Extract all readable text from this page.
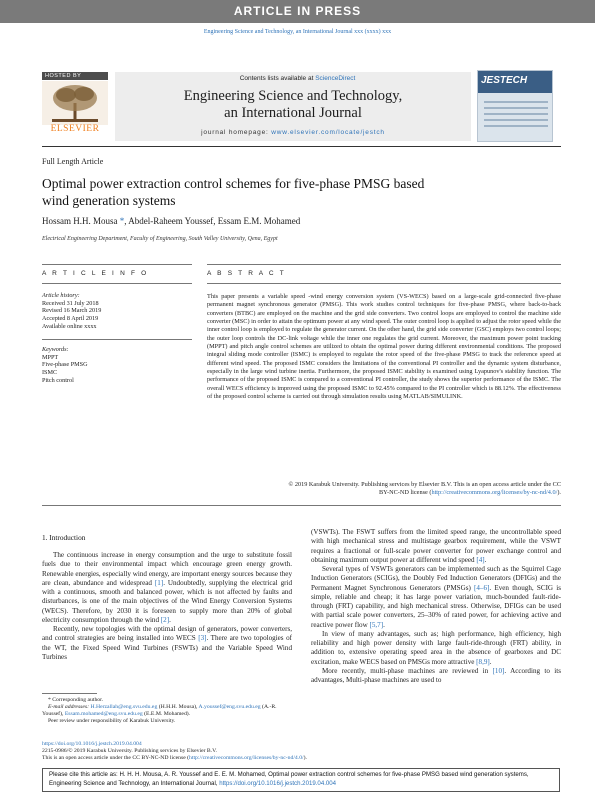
ARTICLE IN PRESS
Engineering Science and Technology, an International Journal xxx (xxxx) xxx
HOSTED BY
ELSEVIER
Contents lists available at ScienceDirect
Engineering Science and Technology,
an International Journal
journal homepage: www.elsevier.com/locate/jestch
JESTECH
Full Length Article
Optimal power extraction control schemes for five-phase PMSG based
wind generation systems
Hossam H.H. Mousa *, Abdel-Raheem Youssef, Essam E.M. Mohamed
Electrical Engineering Department, Faculty of Engineering, South Valley University, Qena, Egypt
A R T I C L E I N F O	A B S T R A C T
Article history:
Received 31 July 2018
Revised 16 March 2019
Accepted 8 April 2019
Available online xxxx
Keywords:
MPPT
Five-phase PMSG
ISMC
Pitch control
This paper presents a variable speed -wind energy conversion system (VS-WECS) based on a large-scale grid-connected five-phase permanent magnet synchronous generator (PMSG). This work studies control techniques for five-phase PMSG, where back-to-back converters (BTBC) are employed on the machine and the grid side converters. Two control loops are employed to control the machine side converter (MSC) in order to attain the optimum power at any wind speed. The outer control loop is applied to adjust the rotor speed while the inner control loop is employed to regulate the generator current. On the other hand, the grid side converter (GSC) employs two control loops; the outer loop controls the DC-link voltage while the inner one regulates the grid current. Moreover, the maximum power point tracking (MPPT) and pitch angle control schemes are utilized to obtain the optimal power during different environmental conditions. The proposed integral sliding mode controller (ISMC) is employed to regulate the rotor speed of the five-phase PMSG to track the reference speed at different wind speed. The proposed ISMC considers the limitations of the conventional PI controller and the dynamic system disturbance, especially in the large wind turbine inertia. Furthermore, the proposed ISMC stability is examined using Lyapunov's stability function. The performance of the proposed ISMC is compared to a conventional PI controller, the study shows the superior performance of the ISMC. The overall WECS efficiency is improved using the proposed ISMC to 92.45% compared to the PI controller which is 88.12%. The effectiveness of the proposed control scheme is carried out through simulation results using MATLAB/SIMULINK.
© 2019 Karabuk University. Publishing services by Elsevier B.V. This is an open access article under the CC
BY-NC-ND license (http://creativecommons.org/licenses/by-nc-nd/4.0/).
1. Introduction

The continuous increase in energy consumption and the urge to substitute fossil fuels due to their environmental impact which encourage green energy growth. Renewable energies, especially wind energy, are important energy sources because they are clean, abundance and widespread [1]. Undoubtedly, supplying the electrical grid with a continuous, smooth and balanced power, which is not affected by faults and disturbances, is one of the main objectives of the Wind Energy Conversion Systems (WECS). Therefore, by 2030 it is foreseen to supply more than 20% of global electricity consumption through the wind [2].

Recently, new topologies with the optimal design of generators, power converters, and control strategies are being installed into WECS [3]. There are two topologies of the WT, the Fixed Speed Wind Turbines (FSWTs) and the Variable Speed Wind Turbines

* Corresponding author.

E-mail addresses: H.Herzallah@eng.svu.edu.eg (H.H.H. Mousa), A.youssef@eng.svu.edu.eg (A.-R. Youssef), Essam.mohamed@eng.svu.edu.eg (E.E.M. Mohamed).

Peer review under responsibility of Karabuk University.

(VSWTs). The FSWT suffers from the limited speed range, the uncontrollable speed with high mechanical stress and multistage gearbox requirement, while the VSWT requires a fractional or full-scale power converter for power exchange control and obtaining maximum output power at different wind speed [4].

Several types of VSWTs generators can be implemented such as the Squirrel Cage Induction Generators (SCIGs), the Doubly Fed Induction Generators (DFIGs) and the Permanent Magnet Synchronous Generators (PMSGs) [4–6]. Even though, SCIG is simple, reliable and cheap; it has large power variation, much-bounded fault-ride-through (FRT) capability, and high mechanical stress. Otherwise, DFIGs can be used with partial scale power converters, 25–30% of rated power, for achieving active and reactive power flow [5,7].

In view of many advantages, such as; high performance, high efficiency, high reliability and high power density with large fault-ride-through (FRT) ability, in addition to, extensive operating speed area in the absence of gearboxes and DC excitation, make WECS based on PMSGs more attractive [8,9].

More recently, multi-phase machines are reviewed in [10]. According to its advantages, Multi-phase machines are used to

https://doi.org/10.1016/j.jestch.2019.04.004
2215-0986/© 2019 Karabuk University. Publishing services by Elsevier B.V.
This is an open access article under the CC BY-NC-ND license (http://creativecommons.org/licenses/by-nc-nd/4.0/).
Please cite this article as: H. H. H. Mousa, A. R. Youssef and E. E. M. Mohamed, Optimal power extraction control schemes for five-phase PMSG based wind generation systems, Engineering Science and Technology, an International Journal, https://doi.org/10.1016/j.jestch.2019.04.004
